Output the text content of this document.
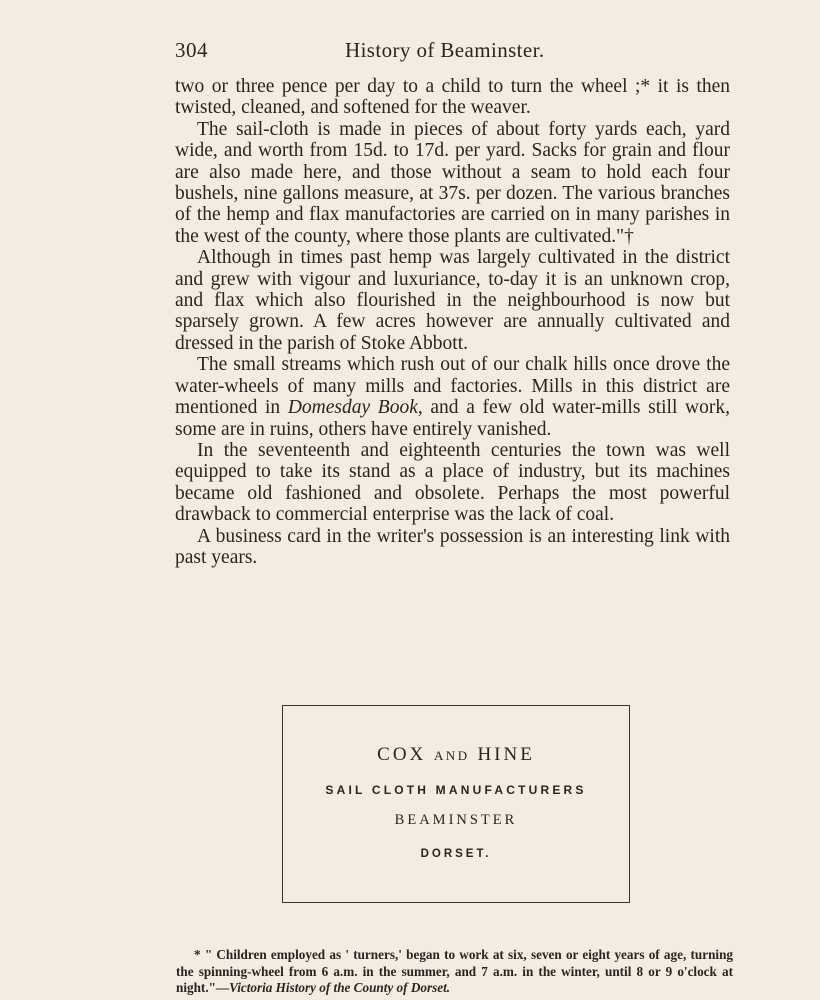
304	History of Beaminster.

two or three pence per day to a child to turn the wheel ;* it is then twisted, cleaned, and softened for the weaver.

The sail-cloth is made in pieces of about forty yards each, yard wide, and worth from 15d. to 17d. per yard. Sacks for grain and flour are also made here, and those without a seam to hold each four bushels, nine gallons measure, at 37s. per dozen. The various branches of the hemp and flax manufactories are carried on in many parishes in the west of the county, where those plants are cultivated."†

Although in times past hemp was largely cultivated in the district and grew with vigour and luxuriance, to-day it is an unknown crop, and flax which also flourished in the neighbourhood is now but sparsely grown. A few acres however are annually cultivated and dressed in the parish of Stoke Abbott.

The small streams which rush out of our chalk hills once drove the water-wheels of many mills and factories. Mills in this district are mentioned in Domesday Book, and a few old water-mills still work, some are in ruins, others have entirely vanished.

In the seventeenth and eighteenth centuries the town was well equipped to take its stand as a place of industry, but its machines became old fashioned and obsolete. Perhaps the most powerful drawback to commercial enterprise was the lack of coal.

A business card in the writer's possession is an interesting link with past years.

COX AND HINE
SAIL CLOTH MANUFACTURERS
BEAMINSTER
DORSET.

* " Children employed as ' turners,' began to work at six, seven or eight years of age, turning the spinning-wheel from 6 a.m. in the summer, and 7 a.m. in the winter, until 8 or 9 o'clock at night."—Victoria History of the County of Dorset.
